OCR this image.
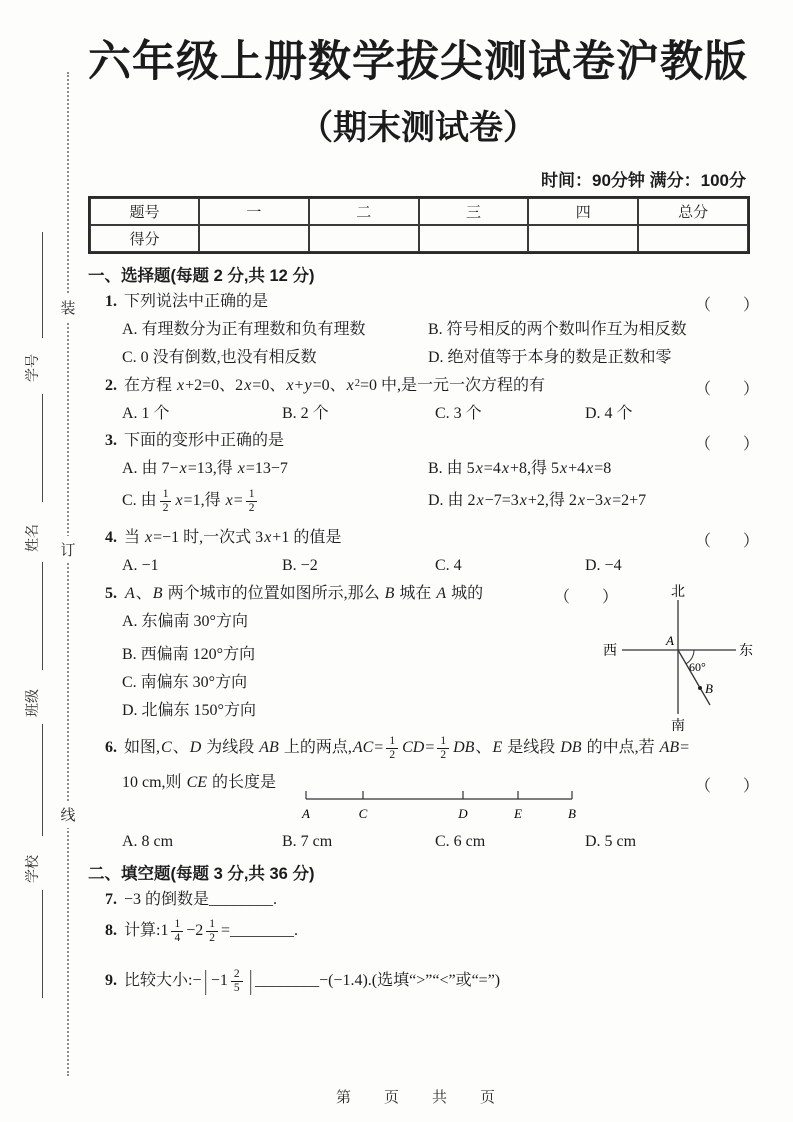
装
订
线
学号
姓名
班级
学校
六年级上册数学拔尖测试卷沪教版
（期末测试卷）
时间：90分钟 满分：100分
题号	一	二	三	四	总分
得分
一、选择题(每题 2 分,共 12 分)
1. 下列说法中正确的是	（　　）
A. 有理数分为正有理数和负有理数	B. 符号相反的两个数叫作互为相反数
C. 0 没有倒数,也没有相反数	D. 绝对值等于本身的数是正数和零
2. 在方程 x +2=0、2 x =0、 x + y =0、 x 2 =0 中,是一元一次方程的有	（　　）
A. 1 个	B. 2 个	C. 3 个	D. 4 个
3. 下面的变形中正确的是	（　　）
A. 由 7− x =13,得 x =13−7	B. 由 5 x =4 x +8,得 5 x +4 x =8
C. 由 $\frac{1}{2}$ x =1,得 $x = \frac{1}{2}$	D. 由 2 x −7=3 x +2,得 2 x −3 x =2+7
4. 当 x =−1 时,一次式 3 x +1 的值是	（　　）
A. −1	B. −2	C. 4	D. −4
5. A 、 B 两个城市的位置如图所示,那么 B 城在 A 城的	（　　）
A. 东偏南 30°方向
B. 西偏南 120°方向
C. 南偏东 30°方向
D. 北偏东 150°方向
北
南
西	东
A
60°
B
6. 如图, C 、 D 为线段 AB 上的两点, AC = $\frac{1}{2}$ CD = $\frac{1}{2}$ DB 、 E 是线段 DB 的中点,若 AB =
10 cm,则 CE 的长度是	（　　）
A	C	D	E	B
A. 8 cm	B. 7 cm	C. 6 cm	D. 5 cm
二、填空题(每题 3 分,共 36 分)
7. −3 的倒数是________.
8. 计算:1 $\frac{1}{4} -2 \frac{1}{2}$ =________.
9. 比较大小:− | $-1 \frac{2}{5}$ | ________−(−1.4).(选填“>”“<”或“=”)
第　页　共　页
